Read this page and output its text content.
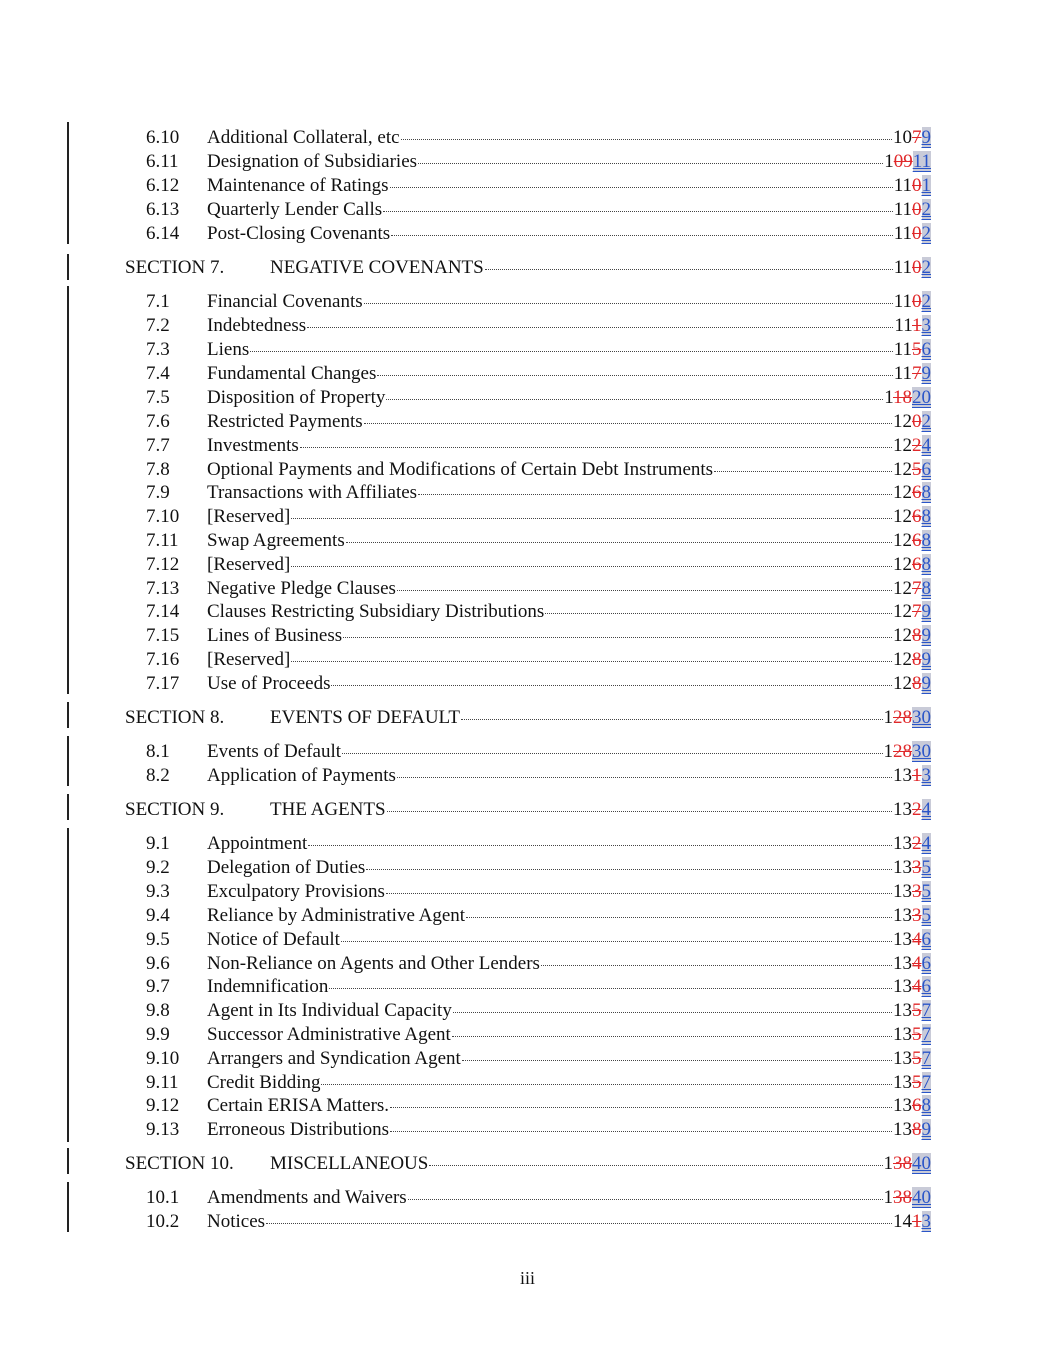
6.10 Additional Collateral, etc	1079
6.11 Designation of Subsidiaries	10911
6.12 Maintenance of Ratings	1101
6.13 Quarterly Lender Calls	1102
6.14 Post-Closing Covenants	1102
SECTION 7. NEGATIVE COVENANTS	1102
7.1 Financial Covenants	1102
7.2 Indebtedness	1113
7.3 Liens	1156
7.4 Fundamental Changes	1179
7.5 Disposition of Property	11820
7.6 Restricted Payments	1202
7.7 Investments	1224
7.8 Optional Payments and Modifications of Certain Debt Instruments	1256
7.9 Transactions with Affiliates	1268
7.10 [Reserved]	1268
7.11 Swap Agreements	1268
7.12 [Reserved]	1268
7.13 Negative Pledge Clauses	1278
7.14 Clauses Restricting Subsidiary Distributions	1279
7.15 Lines of Business	1289
7.16 [Reserved]	1289
7.17 Use of Proceeds	1289
SECTION 8. EVENTS OF DEFAULT	12830
8.1 Events of Default	12830
8.2 Application of Payments	1313
SECTION 9. THE AGENTS	1324
9.1 Appointment	1324
9.2 Delegation of Duties	1335
9.3 Exculpatory Provisions	1335
9.4 Reliance by Administrative Agent	1335
9.5 Notice of Default	1346
9.6 Non-Reliance on Agents and Other Lenders	1346
9.7 Indemnification	1346
9.8 Agent in Its Individual Capacity	1357
9.9 Successor Administrative Agent	1357
9.10 Arrangers and Syndication Agent	1357
9.11 Credit Bidding	1357
9.12 Certain ERISA Matters.	1368
9.13 Erroneous Distributions	1389
SECTION 10. MISCELLANEOUS	13840
10.1 Amendments and Waivers	13840
10.2 Notices	1413
iii
